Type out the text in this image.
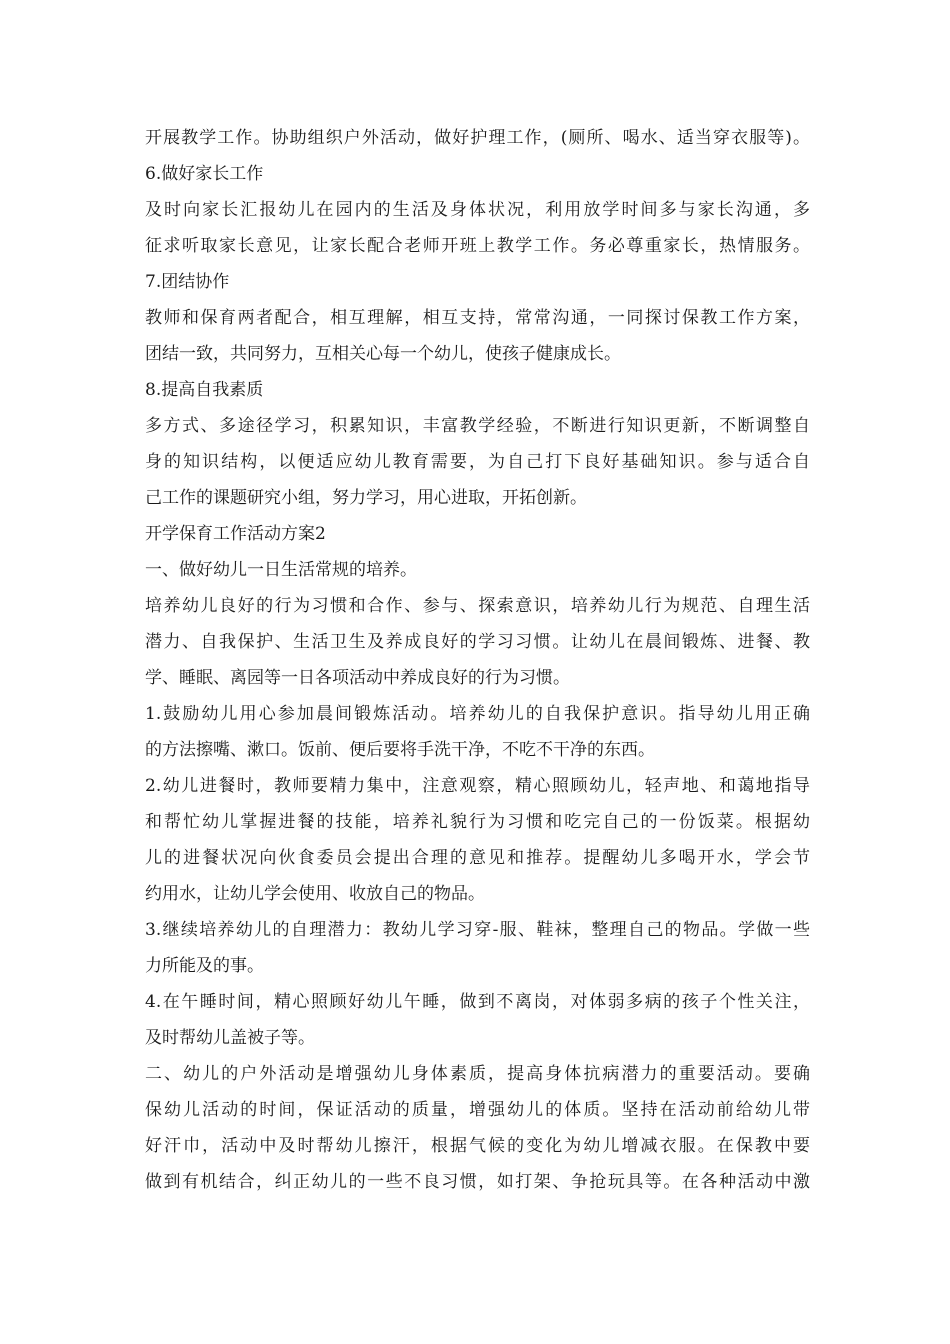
开展教学工作。协助组织户外活动，做好护理工作，(厕所、喝水、适当穿衣服等)。
6.做好家长工作
及时向家长汇报幼儿在园内的生活及身体状况，利用放学时间多与家长沟通，多
征求听取家长意见，让家长配合老师开班上教学工作。务必尊重家长，热情服务。
7.团结协作
教师和保育两者配合，相互理解，相互支持，常常沟通，一同探讨保教工作方案，
团结一致，共同努力，互相关心每一个幼儿，使孩子健康成长。
8.提高自我素质
多方式、多途径学习，积累知识，丰富教学经验，不断进行知识更新，不断调整自
身的知识结构，以便适应幼儿教育需要，为自己打下良好基础知识。参与适合自
己工作的课题研究小组，努力学习，用心进取，开拓创新。
开学保育工作活动方案2
一、做好幼儿一日生活常规的培养。
培养幼儿良好的行为习惯和合作、参与、探索意识，培养幼儿行为规范、自理生活
潜力、自我保护、生活卫生及养成良好的学习习惯。让幼儿在晨间锻炼、进餐、教
学、睡眠、离园等一日各项活动中养成良好的行为习惯。
1.鼓励幼儿用心参加晨间锻炼活动。培养幼儿的自我保护意识。指导幼儿用正确
的方法擦嘴、漱口。饭前、便后要将手洗干净，不吃不干净的东西。
2.幼儿进餐时，教师要精力集中，注意观察，精心照顾幼儿，轻声地、和蔼地指导
和帮忙幼儿掌握进餐的技能，培养礼貌行为习惯和吃完自己的一份饭菜。根据幼
儿的进餐状况向伙食委员会提出合理的意见和推荐。提醒幼儿多喝开水，学会节
约用水，让幼儿学会使用、收放自己的物品。
3.继续培养幼儿的自理潜力：教幼儿学习穿-服、鞋袜，整理自己的物品。学做一些
力所能及的事。
4.在午睡时间，精心照顾好幼儿午睡，做到不离岗，对体弱多病的孩子个性关注，
及时帮幼儿盖被子等。
二、幼儿的户外活动是增强幼儿身体素质，提高身体抗病潜力的重要活动。要确
保幼儿活动的时间，保证活动的质量，增强幼儿的体质。坚持在活动前给幼儿带
好汗巾，活动中及时帮幼儿擦汗，根据气候的变化为幼儿增减衣服。在保教中要
做到有机结合，纠正幼儿的一些不良习惯，如打架、争抢玩具等。在各种活动中激
